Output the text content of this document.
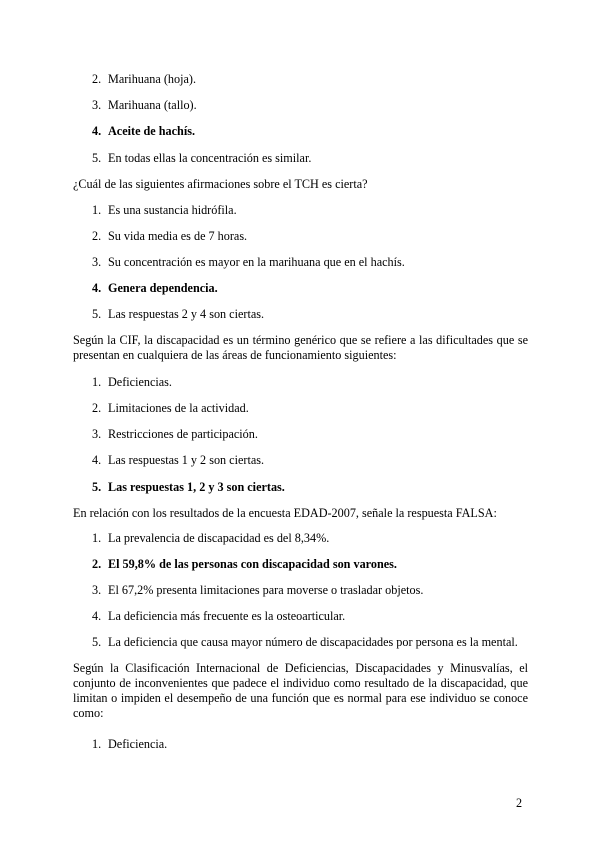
2. Marihuana (hoja).
3. Marihuana (tallo).
4. Aceite de hachís.
5. En todas ellas la concentración es similar.
¿Cuál de las siguientes afirmaciones sobre el TCH es cierta?
1. Es una sustancia hidrófila.
2. Su vida media es de 7 horas.
3. Su concentración es mayor en la marihuana que en el hachís.
4. Genera dependencia.
5. Las respuestas 2 y 4 son ciertas.
Según la CIF, la discapacidad es un término genérico que se refiere a las dificultades que se presentan en cualquiera de las áreas de funcionamiento siguientes:
1. Deficiencias.
2. Limitaciones de la actividad.
3. Restricciones de participación.
4. Las respuestas 1 y 2 son ciertas.
5. Las respuestas 1, 2 y 3 son ciertas.
En relación con los resultados de la encuesta EDAD-2007, señale la respuesta FALSA:
1. La prevalencia de discapacidad es del 8,34%.
2. El 59,8% de las personas con discapacidad son varones.
3. El 67,2% presenta limitaciones para moverse o trasladar objetos.
4. La deficiencia más frecuente es la osteoarticular.
5. La deficiencia que causa mayor número de discapacidades por persona es la mental.
Según la Clasificación Internacional de Deficiencias, Discapacidades y Minusvalías, el conjunto de inconvenientes que padece el individuo como resultado de la discapacidad, que limitan o impiden el desempeño de una función que es normal para ese individuo se conoce como:
1. Deficiencia.
2
